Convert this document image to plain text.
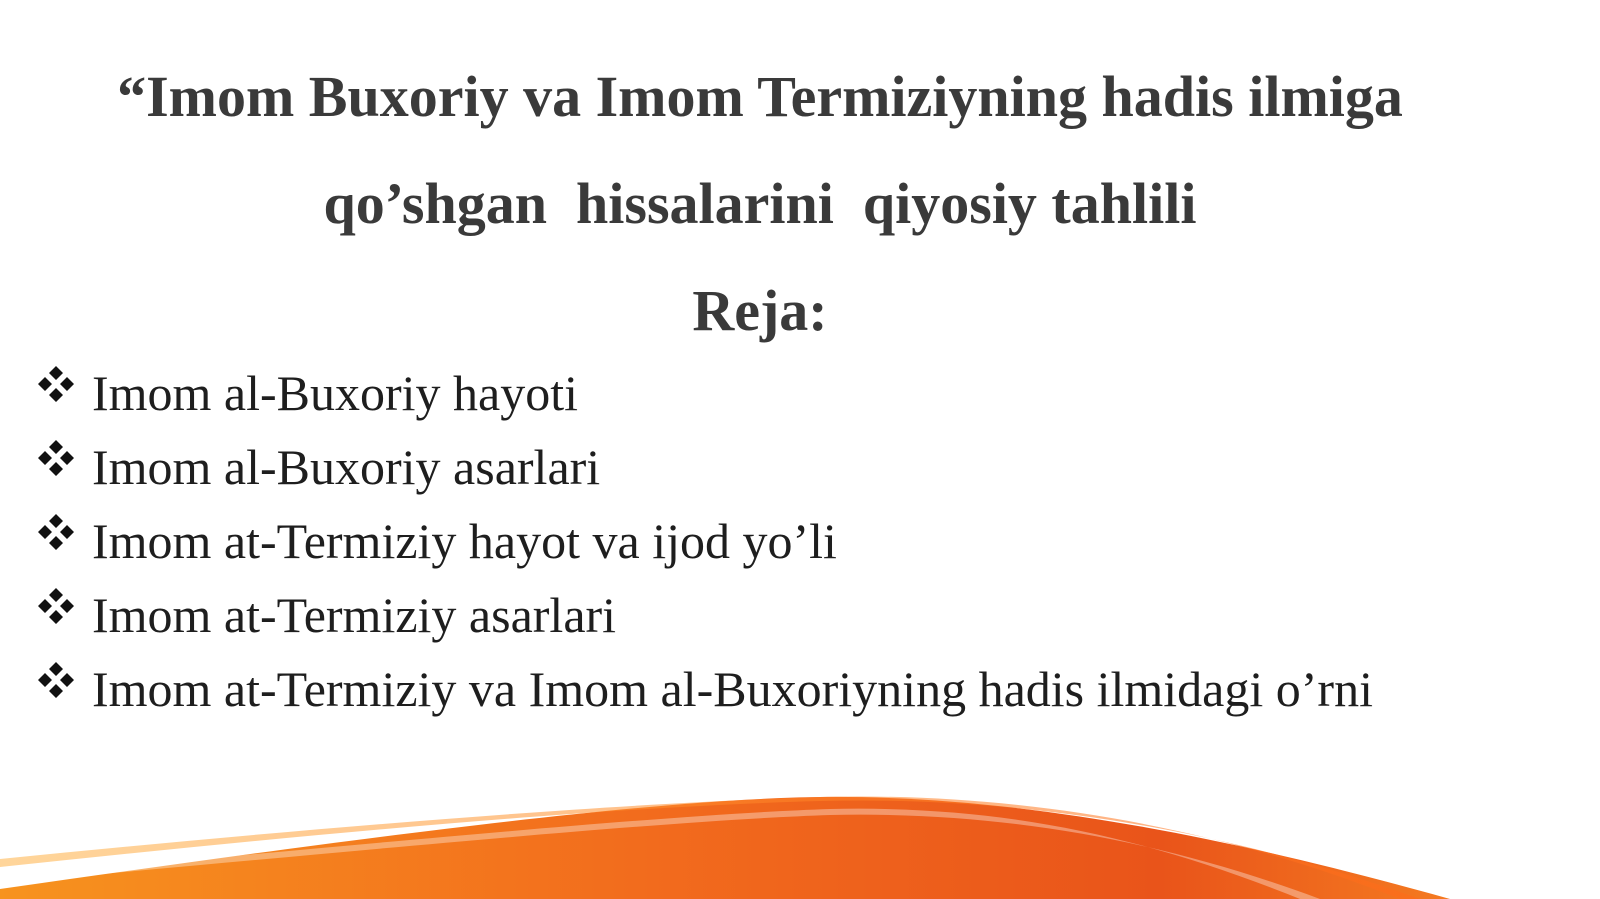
“Imom Buxoriy va Imom Termiziyning hadis ilmiga
qo’shgan  hissalarini  qiyosiy tahlili
Reja:
Imom al-Buxoriy hayoti
Imom al-Buxoriy asarlari
Imom at-Termiziy hayot va ijod yo’li
Imom at-Termiziy asarlari
Imom at-Termiziy va Imom al-Buxoriyning hadis ilmidagi o’rni
